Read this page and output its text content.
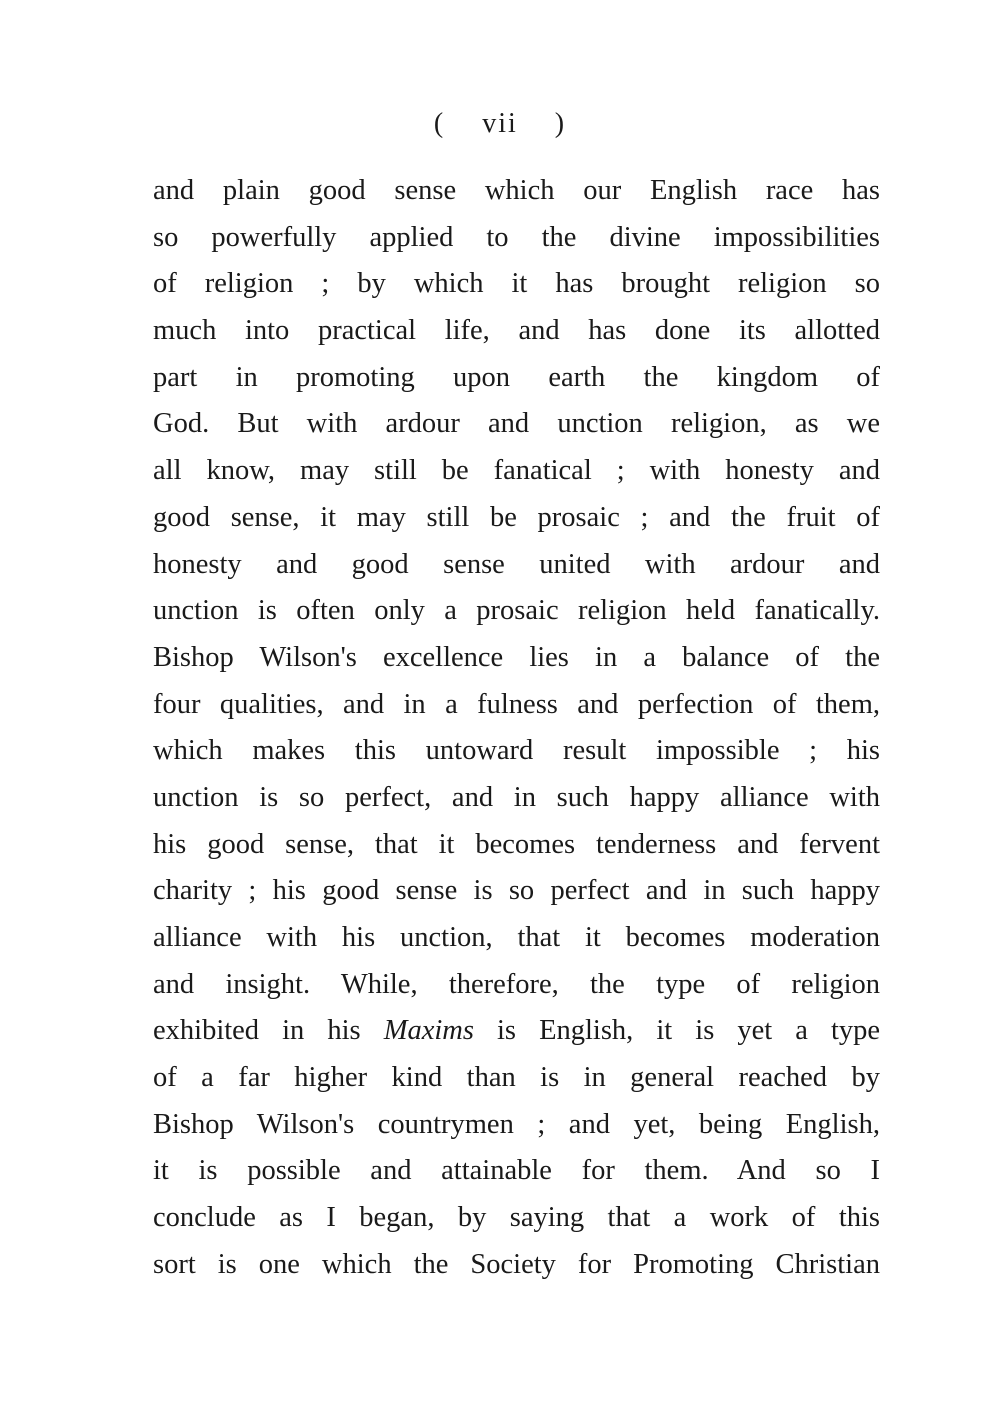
( vii )
and plain good sense which our English race has
so powerfully applied to the divine impossibilities
of religion ; by which it has brought religion so
much into practical life, and has done its allotted
part in promoting upon earth the kingdom of
God. But with ardour and unction religion, as we
all know, may still be fanatical ; with honesty and
good sense, it may still be prosaic ; and the fruit of
honesty and good sense united with ardour and
unction is often only a prosaic religion held fanatically.
Bishop Wilson's excellence lies in a balance of the
four qualities, and in a fulness and perfection of them,
which makes this untoward result impossible ; his
unction is so perfect, and in such happy alliance with
his good sense, that it becomes tenderness and fervent
charity ; his good sense is so perfect and in such happy
alliance with his unction, that it becomes moderation
and insight. While, therefore, the type of religion
exhibited in his Maxims is English, it is yet a type
of a far higher kind than is in general reached by
Bishop Wilson's countrymen ; and yet, being English,
it is possible and attainable for them. And so I
conclude as I began, by saying that a work of this
sort is one which the Society for Promoting Christian
